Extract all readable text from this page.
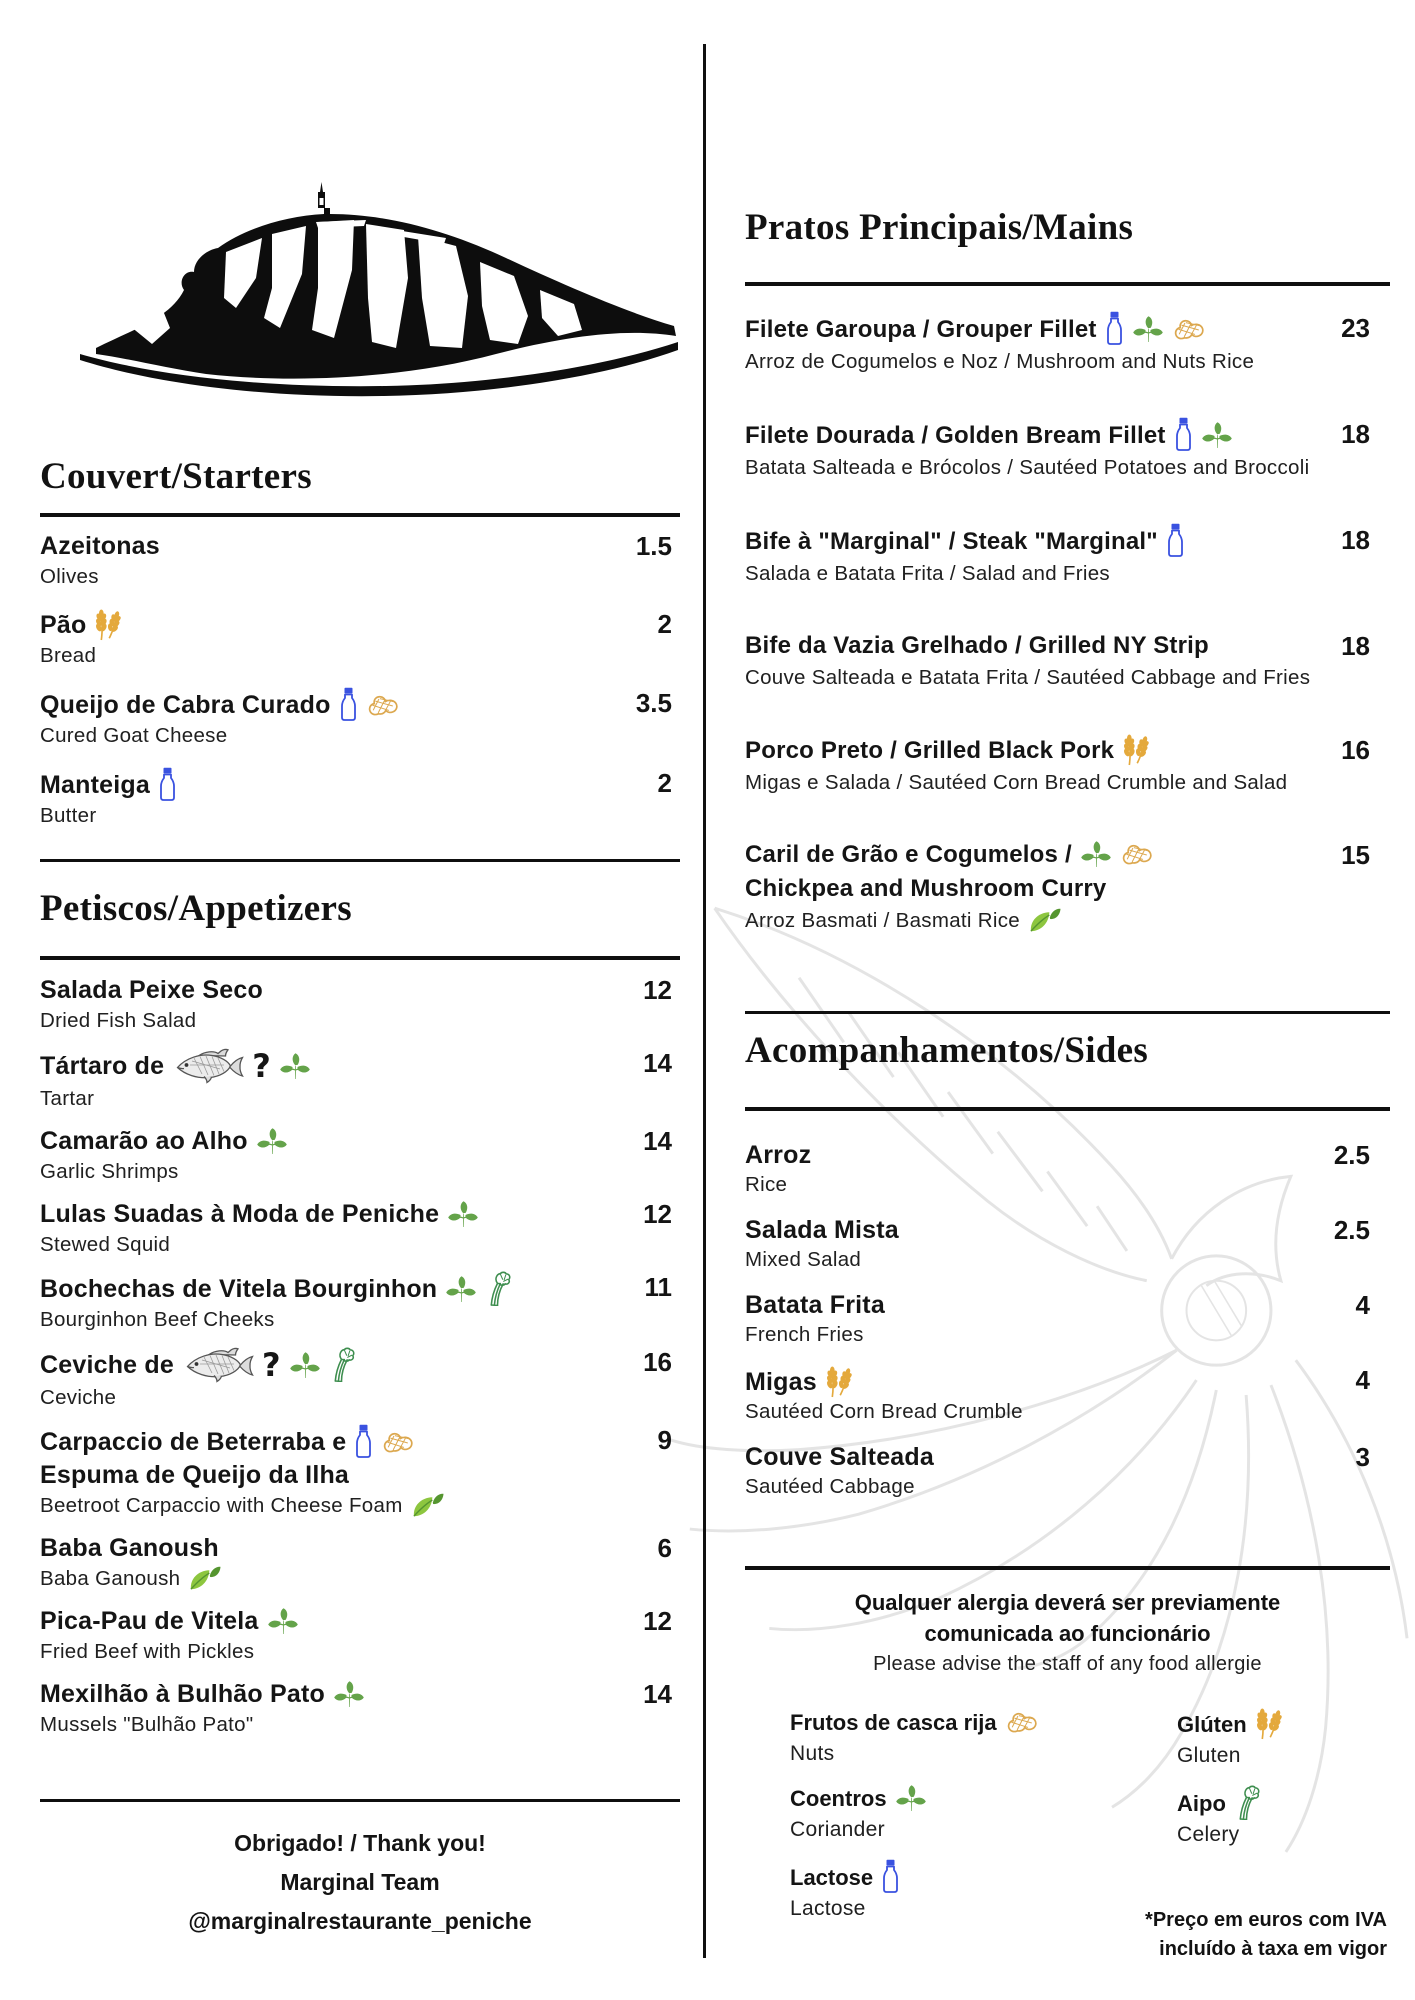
Couvert/Starters
Azeitonas
Olives
1.5
Pão
Bread
2
Queijo de Cabra Curado
Cured Goat Cheese
3.5
Manteiga
Butter
2
Petiscos/Appetizers
Salada Peixe Seco
Dried Fish Salad
12
Tártaro de	?
Tartar
14
Camarão ao Alho
Garlic Shrimps
14
Lulas Suadas à Moda de Peniche
Stewed Squid
12
Bochechas de Vitela Bourginhon
Bourginhon Beef Cheeks
11
Ceviche de	?
Ceviche
16
Carpaccio de Beterraba e
Espuma de Queijo da Ilha
Beetroot Carpaccio with Cheese Foam
9
Baba Ganoush
Baba Ganoush
6
Pica-Pau de Vitela
Fried Beef with Pickles
12
Mexilhão à Bulhão Pato
Mussels "Bulhão Pato"
14
Obrigado! / Thank you!
Marginal Team
@marginalrestaurante_peniche
Pratos Principais/Mains
Filete Garoupa / Grouper Fillet
Arroz de Cogumelos e Noz / Mushroom and Nuts Rice
23
Filete Dourada / Golden Bream Fillet
Batata Salteada e Brócolos / Sautéed Potatoes and Broccoli
18
Bife à "Marginal" / Steak "Marginal"
Salada e Batata Frita / Salad and Fries
18
Bife da Vazia Grelhado / Grilled NY Strip
Couve Salteada e Batata Frita / Sautéed Cabbage and Fries
18
Porco Preto / Grilled Black Pork
Migas e Salada / Sautéed Corn Bread Crumble and Salad
16
Caril de Grão e Cogumelos /
Chickpea and Mushroom Curry
Arroz Basmati / Basmati Rice
15
Acompanhamentos/Sides
Arroz
Rice
2.5
Salada Mista
Mixed Salad
2.5
Batata Frita
French Fries
4
Migas
Sautéed Corn Bread Crumble
4
Couve Salteada
Sautéed Cabbage
3
Qualquer alergia deverá ser previamente
comunicada ao funcionário
Please advise the staff of any food allergie
Frutos de casca rija
Nuts
Coentros
Coriander
Lactose
Lactose
Glúten
Gluten
Aipo
Celery
*Preço em euros com IVA
incluído à taxa em vigor
